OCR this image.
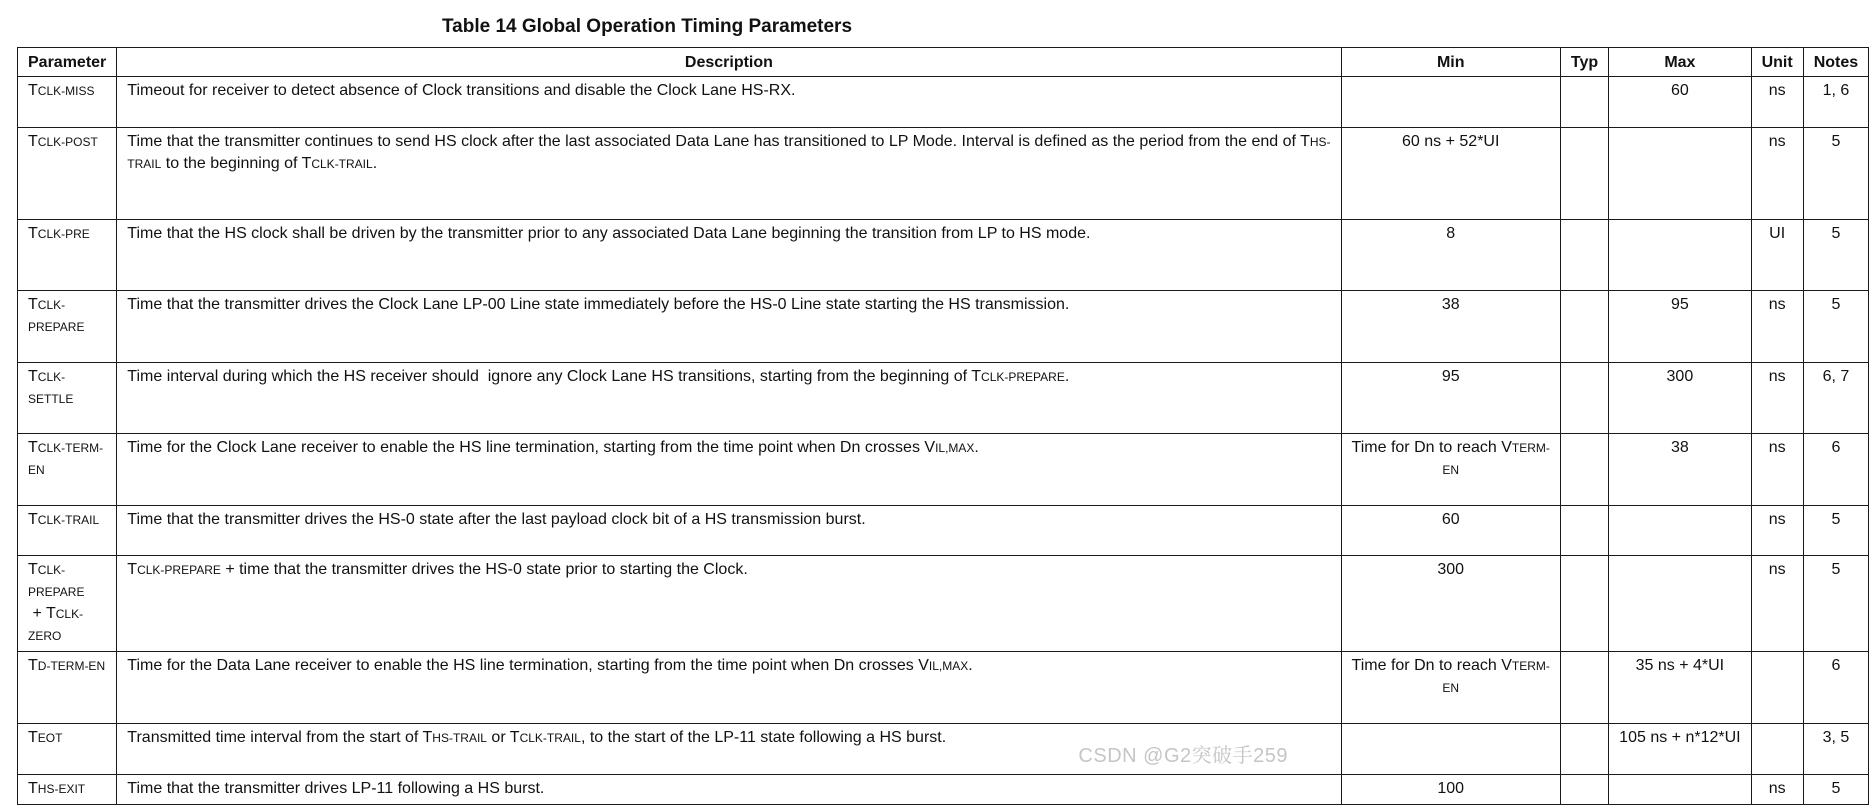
Table 14 Global Operation Timing Parameters
Parameter	Description	Min	Typ	Max	Unit	Notes
TCLK-MISS	Timeout for receiver to detect absence of Clock transitions and disable the Clock Lane HS-RX.			60	ns	1, 6
TCLK-POST	Time that the transmitter continues to send HS clock after the last associated Data Lane has transitioned to LP Mode. Interval is defined as the period from the end of THS-TRAIL to the beginning of TCLK-TRAIL.	60 ns + 52*UI			ns	5
TCLK-PRE	Time that the HS clock shall be driven by the transmitter prior to any associated Data Lane beginning the transition from LP to HS mode.	8			UI	5
TCLK-PREPARE	Time that the transmitter drives the Clock Lane LP-00 Line state immediately before the HS-0 Line state starting the HS transmission.	38		95	ns	5
TCLK-SETTLE	Time interval during which the HS receiver should  ignore any Clock Lane HS transitions, starting from the beginning of TCLK-PREPARE.	95		300	ns	6, 7
TCLK-TERM-EN	Time for the Clock Lane receiver to enable the HS line termination, starting from the time point when Dn crosses VIL,MAX.	Time for Dn to reach VTERM-EN		38	ns	6
TCLK-TRAIL	Time that the transmitter drives the HS-0 state after the last payload clock bit of a HS transmission burst.	60			ns	5
TCLK-PREPARE + TCLK-ZERO	TCLK-PREPARE + time that the transmitter drives the HS-0 state prior to starting the Clock.	300			ns	5
TD-TERM-EN	Time for the Data Lane receiver to enable the HS line termination, starting from the time point when Dn crosses VIL,MAX.	Time for Dn to reach VTERM-EN		35 ns + 4*UI		6
TEOT	Transmitted time interval from the start of THS-TRAIL or TCLK-TRAIL, to the start of the LP-11 state following a HS burst.			105 ns + n*12*UI		3, 5
THS-EXIT	Time that the transmitter drives LP-11 following a HS burst.	100			ns	5
CSDN @G2突破手259
